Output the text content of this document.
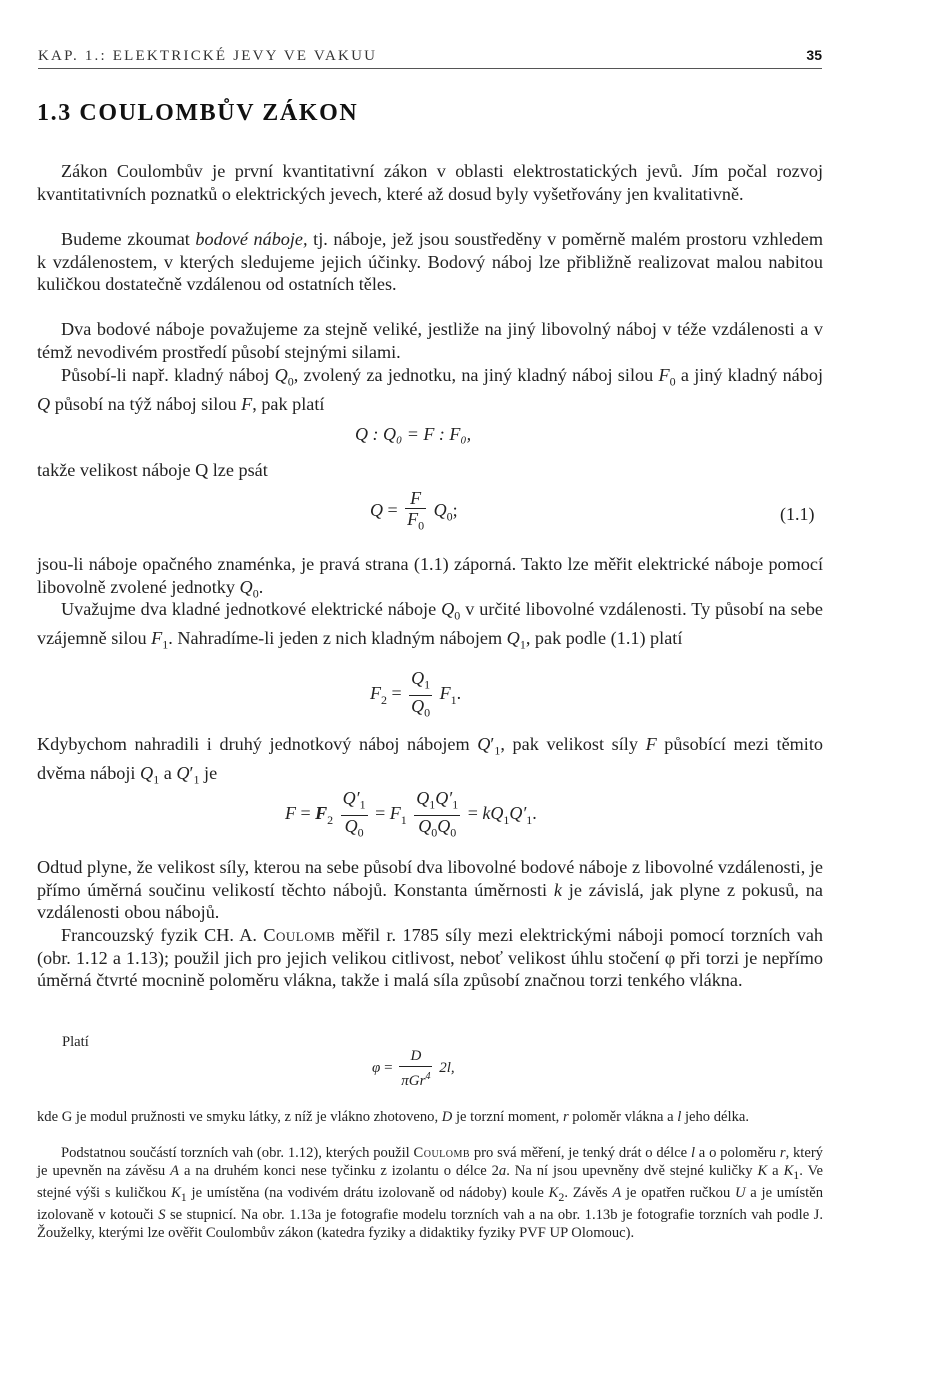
KAP. 1.: ELEKTRICKÉ JEVY VE VAKUU	35
1.3 COULOMBŮV ZÁKON

Zákon Coulombův je první kvantitativní zákon v oblasti elektrostatických jevů. Jím počal rozvoj kvantitativních poznatků o elektrických jevech, které až dosud byly vyšetřovány jen kvalitativně.

Budeme zkoumat bodové náboje, tj. náboje, jež jsou soustředěny v poměrně malém prostoru vzhledem k vzdálenostem, v kterých sledujeme jejich účinky. Bodový náboj lze přibližně realizovat malou nabitou kuličkou dostatečně vzdálenou od ostatních těles.

Dva bodové náboje považujeme za stejně veliké, jestliže na jiný libovolný náboj v téže vzdálenosti a v témž nevodivém prostředí působí stejnými silami.

Působí-li např. kladný náboj $Q_0$, zvolený za jednotku, na jiný kladný náboj silou $F_0$ a jiný kladný náboj Q působí na týž náboj silou F, pak platí

Q : Q₀ = F : F₀,

takže velikost náboje Q lze psát

$Q = \frac{F}{F_0} Q_0$;	(1.1)

jsou-li náboje opačného znaménka, je pravá strana (1.1) záporná. Takto lze měřit elektrické náboje pomocí libovolně zvolené jednotky $Q_0$.

Uvažujme dva kladné jednotkové elektrické náboje $Q_0$ v určité libovolné vzdálenosti. Ty působí na sebe vzájemně silou $F_1$. Nahradíme-li jeden z nich kladným nábojem $Q_1$, pak podle (1.1) platí

$F_2 = \frac{Q_1}{Q_0} F_1$.

Kdybychom nahradili i druhý jednotkový náboj nábojem $Q'_1$, pak velikost síly F působící mezi těmito dvěma náboji $Q_1$ a $Q'_1$ je

$F = F_2 \frac{Q'_1}{Q_0} = F_1 \frac{Q_1Q'_1}{Q_0Q_0} = kQ_1Q'_1$.

Odtud plyne, že velikost síly, kterou na sebe působí dva libovolné bodové náboje z libovolné vzdálenosti, je přímo úměrná součinu velikostí těchto nábojů. Konstanta úměrnosti k je závislá, jak plyne z pokusů, na vzdálenosti obou nábojů.

Francouzský fyzik CH. A. Coulomb měřil r. 1785 síly mezi elektrickými náboji pomocí torzních vah (obr. 1.12 a 1.13); použil jich pro jejich velikou citlivost, neboť velikost úhlu stočení φ při torzi je nepřímo úměrná čtvrté mocnině poloměru vlákna, takže i malá síla způsobí značnou torzi tenkého vlákna.

Platí

$\varphi = \frac{D}{\pi Gr^4} 2l$,

kde G je modul pružnosti ve smyku látky, z níž je vlákno zhotoveno, D je torzní moment, r poloměr vlákna a l jeho délka.

Podstatnou součástí torzních vah (obr. 1.12), kterých použil Coulomb pro svá měření, je tenký drát o délce l a o poloměru r, který je upevněn na závěsu A a na druhém konci nese tyčinku z izolantu o délce 2a. Na ní jsou upevněny dvě stejné kuličky K a $K_1$. Ve stejné výši s kuličkou $K_1$ je umístěna (na vodivém drátu izolovaně od nádoby) koule $K_2$. Závěs A je opatřen ručkou U a je umístěn izolovaně v kotouči S se stupnicí. Na obr. 1.13a je fotografie modelu torzních vah a na obr. 1.13b je fotografie torzních vah podle J. Žouželky, kterými lze ověřit Coulombův zákon (katedra fyziky a didaktiky fyziky PVF UP Olomouc).
